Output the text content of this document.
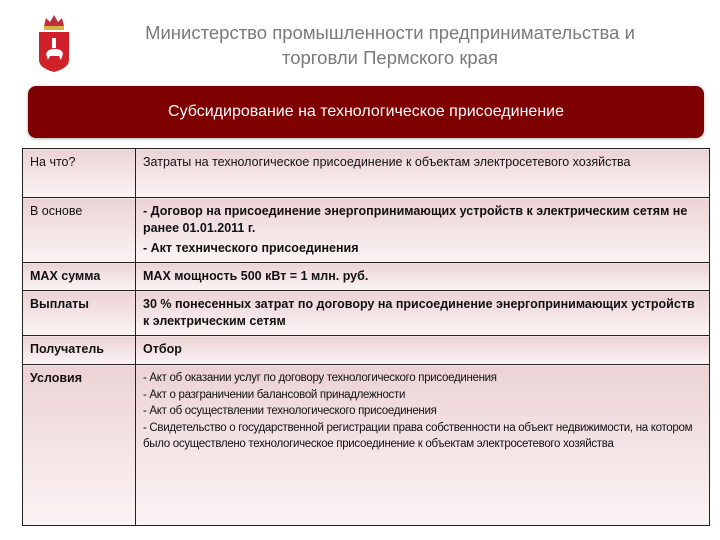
Министерство промышленности предпринимательства и
торговли Пермского края
Субсидирование на технологическое присоединение
На что?	Затраты на технологическое присоединение к объектам электросетевого хозяйства

В основе	- Договор на присоединение энергопринимающих устройств к электрическим сетям не ранее 01.01.2011 г.
- Акт технического присоединения

МАХ сумма	МАХ мощность 500 кВт = 1 млн. руб.

Выплаты	30 % понесенных затрат по договору на присоединение энергопринимающих устройств к электрическим сетям

Получатель	Отбор

Условия	- Акт об оказании услуг по договору технологического присоединения
- Акт о разграничении балансовой принадлежности
- Акт об осуществлении технологического присоединения
- Свидетельство о государственной регистрации права собственности на объект недвижимости, на котором было осуществлено технологическое присоединение к объектам электросетевого хозяйства
